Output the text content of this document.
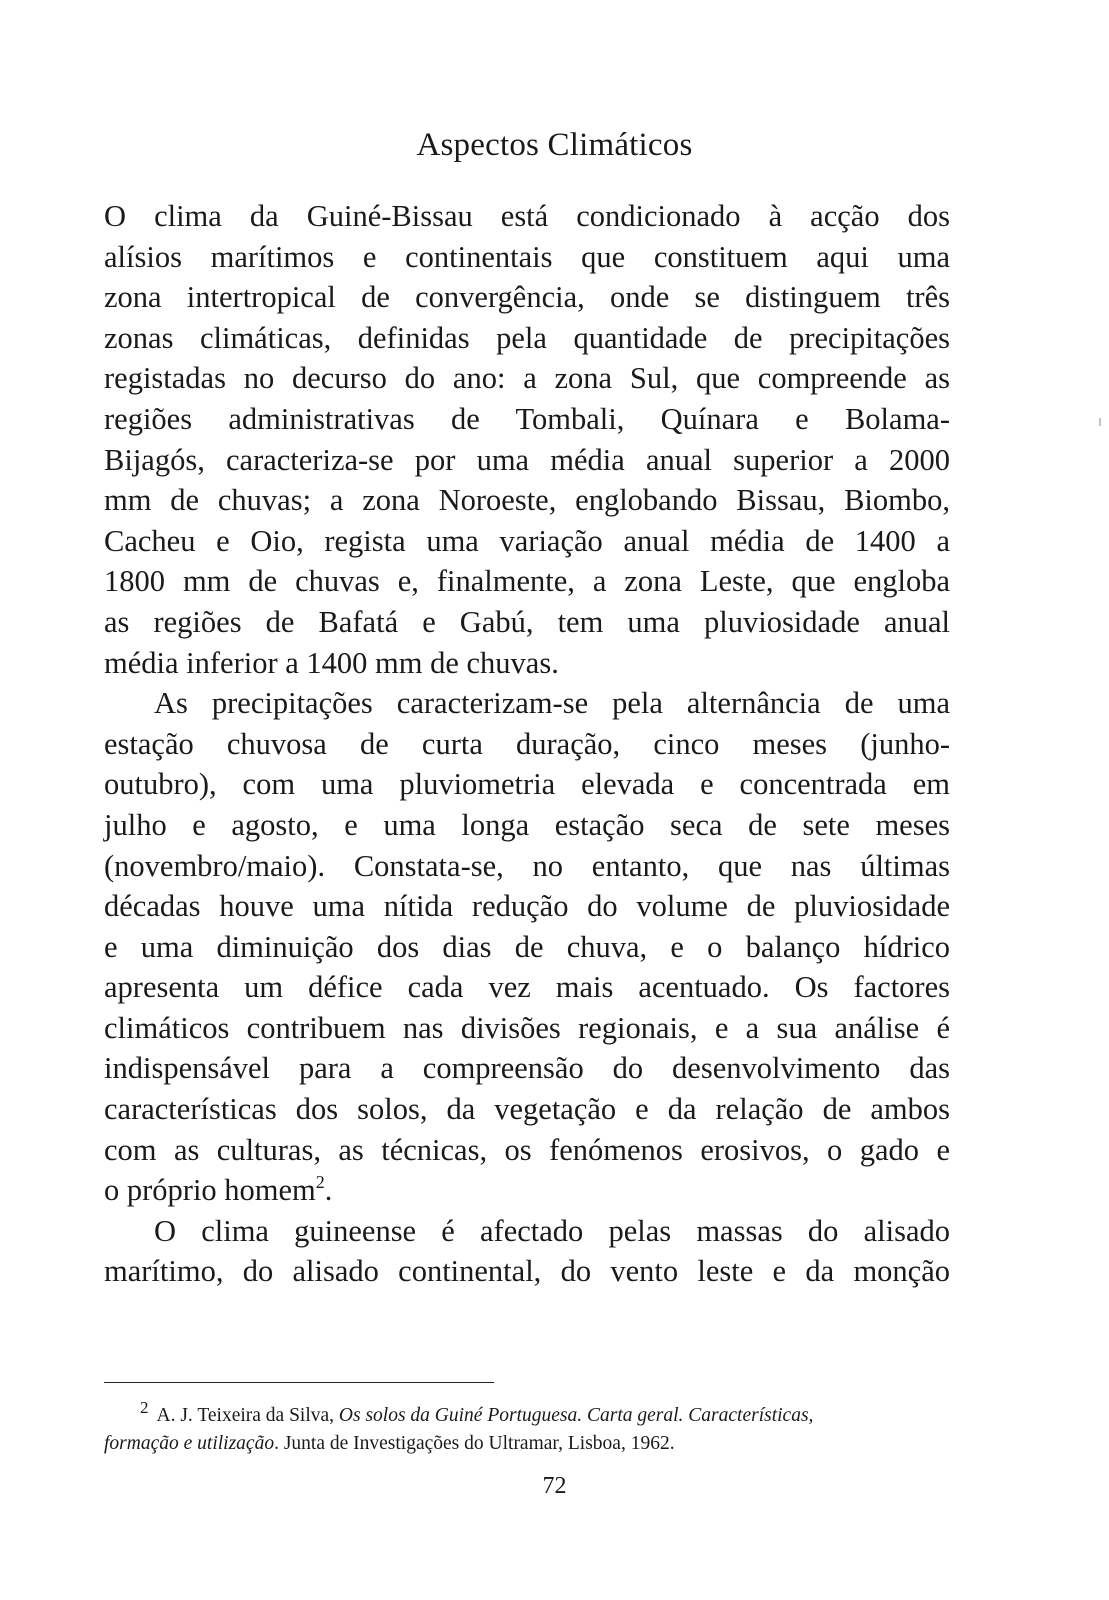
Aspectos Climáticos
O clima da Guiné-Bissau está condicionado à acção dos
alísios marítimos e continentais que constituem aqui uma
zona intertropical de convergência, onde se distinguem três
zonas climáticas, definidas pela quantidade de precipitações
registadas no decurso do ano: a zona Sul, que compreende as
regiões administrativas de Tombali, Quínara e Bolama-
Bijagós, caracteriza-se por uma média anual superior a 2000
mm de chuvas; a zona Noroeste, englobando Bissau, Biombo,
Cacheu e Oio, regista uma variação anual média de 1400 a
1800 mm de chuvas e, finalmente, a zona Leste, que engloba
as regiões de Bafatá e Gabú, tem uma pluviosidade anual
média inferior a 1400 mm de chuvas.
As precipitações caracterizam-se pela alternância de uma
estação chuvosa de curta duração, cinco meses (junho-
outubro), com uma pluviometria elevada e concentrada em
julho e agosto, e uma longa estação seca de sete meses
(novembro/maio). Constata-se, no entanto, que nas últimas
décadas houve uma nítida redução do volume de pluviosidade
e uma diminuição dos dias de chuva, e o balanço hídrico
apresenta um défice cada vez mais acentuado. Os factores
climáticos contribuem nas divisões regionais, e a sua análise é
indispensável para a compreensão do desenvolvimento das
características dos solos, da vegetação e da relação de ambos
com as culturas, as técnicas, os fenómenos erosivos, o gado e
o próprio homem$^2$.
O clima guineense é afectado pelas massas do alisado
marítimo, do alisado continental, do vento leste e da monção
$^2$ A. J. Teixeira da Silva, Os solos da Guiné Portuguesa. Carta geral. Características,
formação e utilização. Junta de Investigações do Ultramar, Lisboa, 1962.
72
